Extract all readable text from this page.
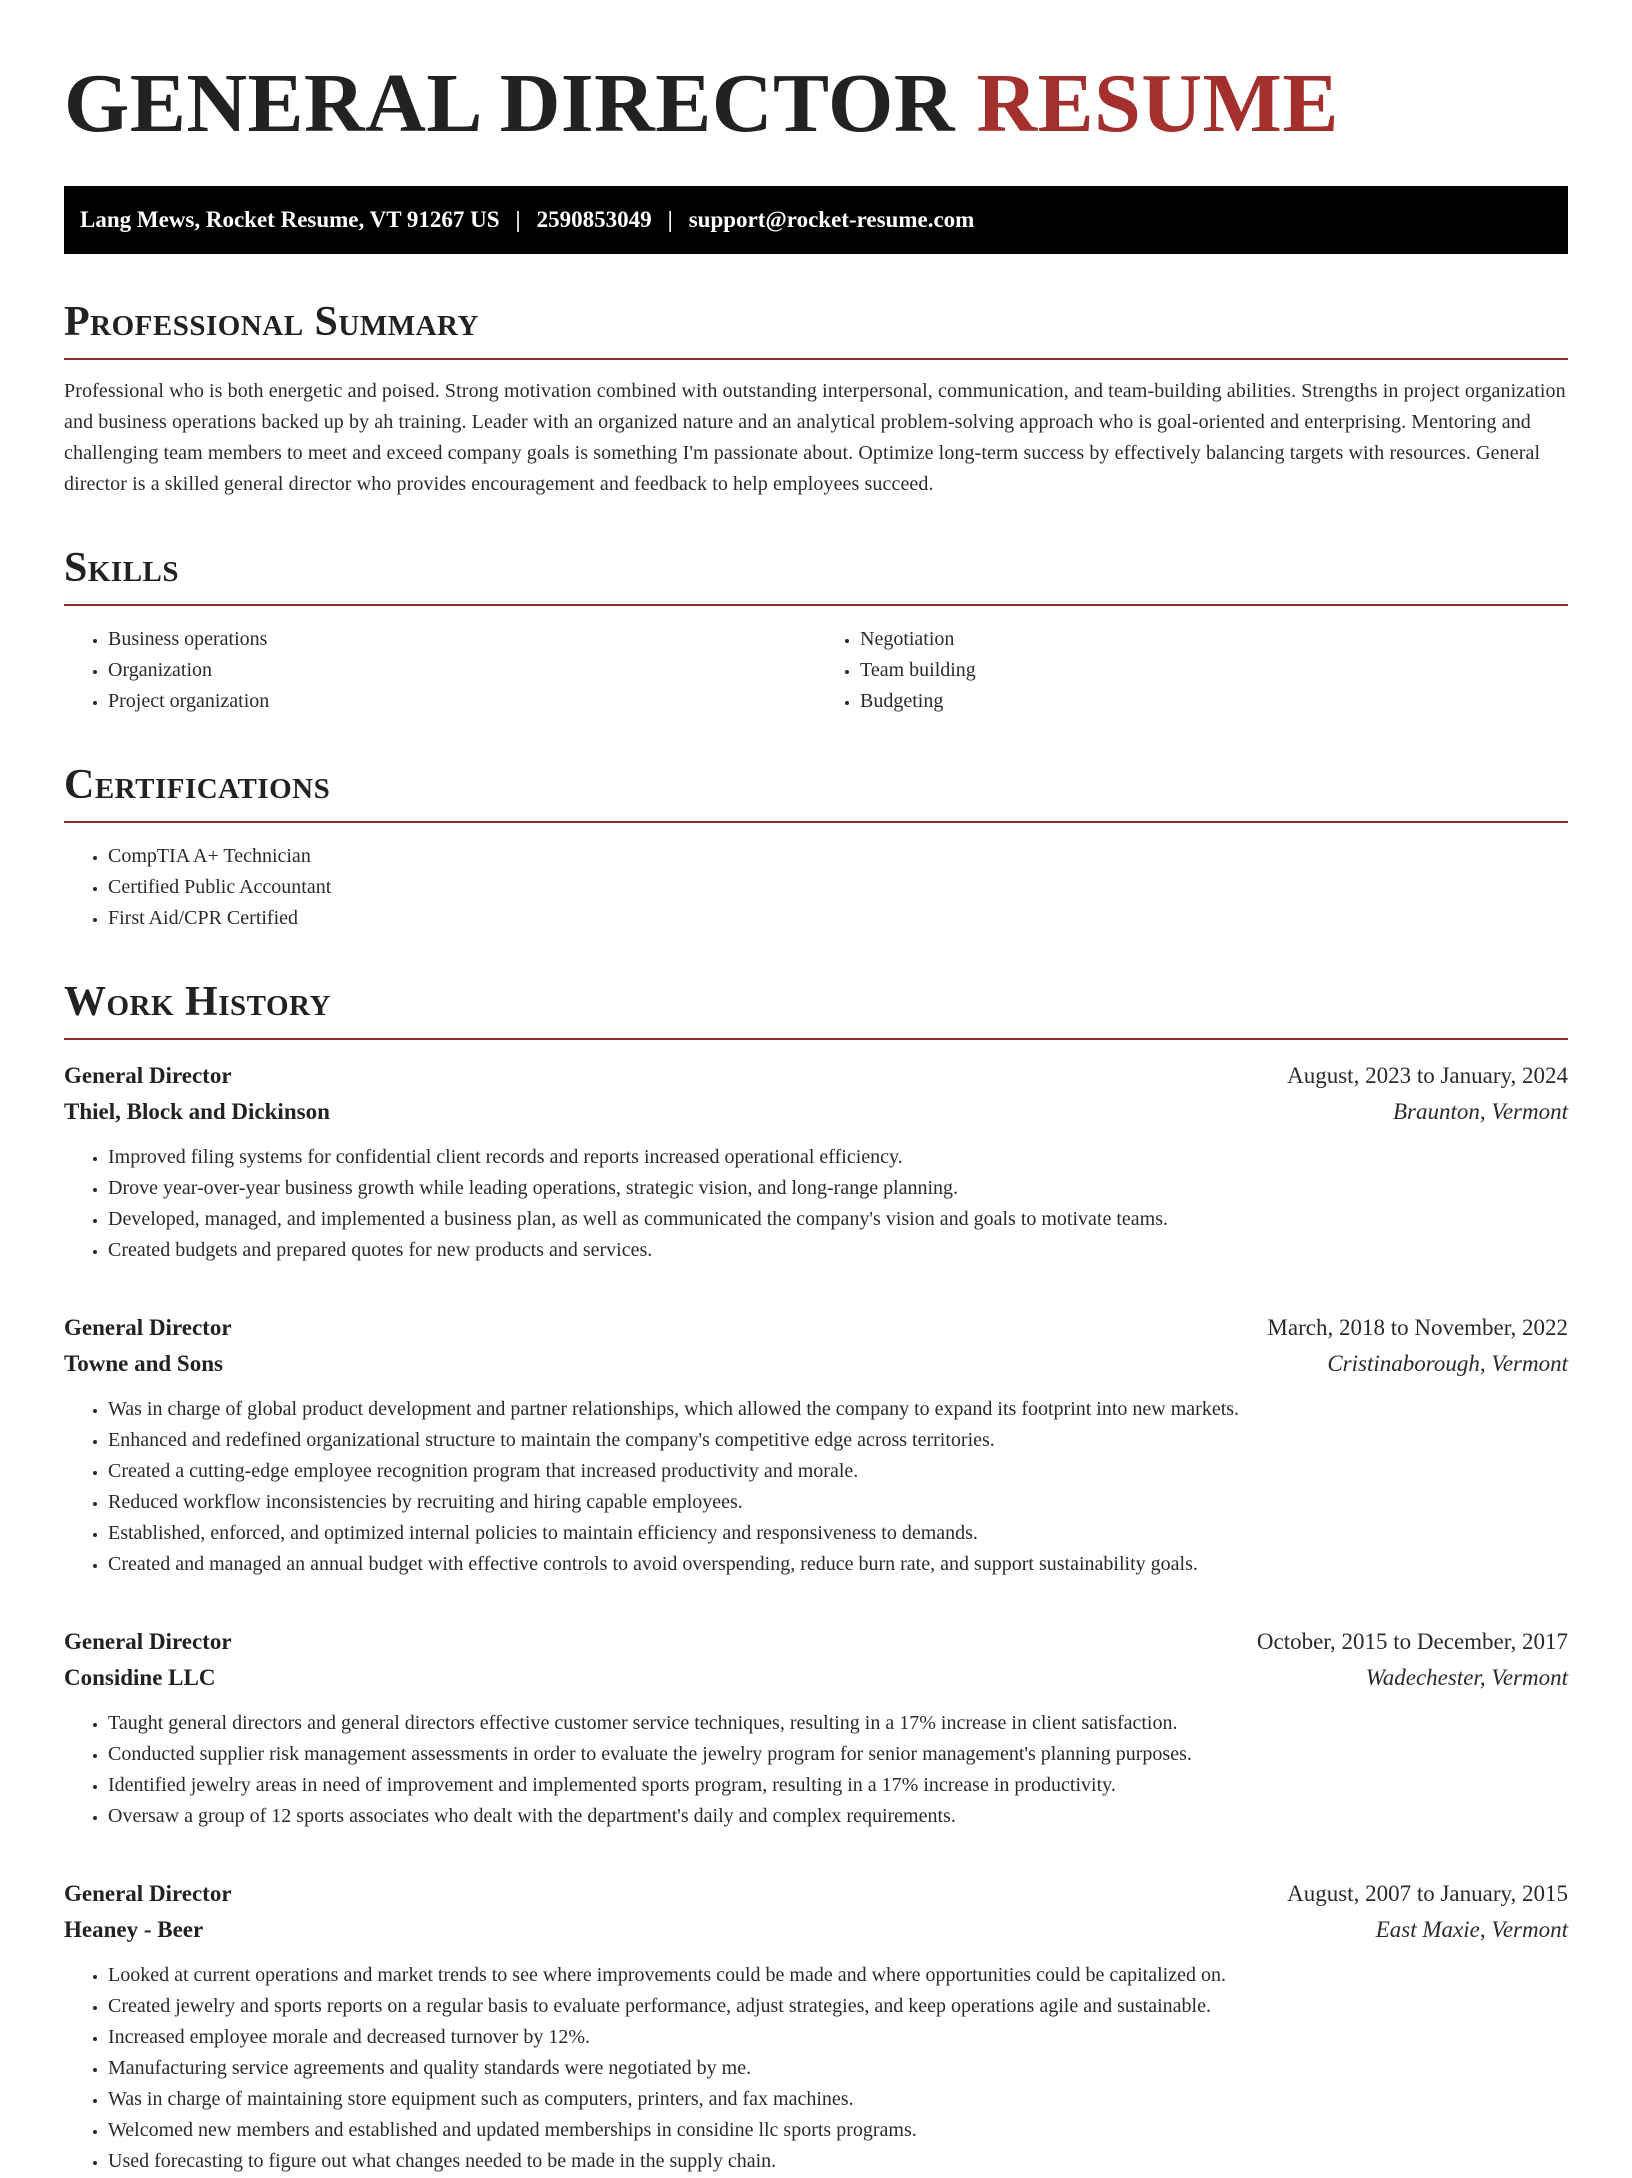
GENERAL DIRECTOR RESUME
Lang Mews, Rocket Resume, VT 91267 US | 2590853049 | support@rocket-resume.com
Professional Summary
Professional who is both energetic and poised. Strong motivation combined with outstanding interpersonal, communication, and team-building abilities. Strengths in project organization and business operations backed up by ah training. Leader with an organized nature and an analytical problem-solving approach who is goal-oriented and enterprising. Mentoring and challenging team members to meet and exceed company goals is something I'm passionate about. Optimize long-term success by effectively balancing targets with resources. General director is a skilled general director who provides encouragement and feedback to help employees succeed.
Skills
• Business operations
• Organization
• Project organization
• Negotiation
• Team building
• Budgeting
Certifications
• CompTIA A+ Technician
• Certified Public Accountant
• First Aid/CPR Certified
Work History
General Director	August, 2023 to January, 2024
Thiel, Block and Dickinson	Braunton, Vermont
• Improved filing systems for confidential client records and reports increased operational efficiency.
• Drove year-over-year business growth while leading operations, strategic vision, and long-range planning.
• Developed, managed, and implemented a business plan, as well as communicated the company's vision and goals to motivate teams.
• Created budgets and prepared quotes for new products and services.
General Director	March, 2018 to November, 2022
Towne and Sons	Cristinaborough, Vermont
• Was in charge of global product development and partner relationships, which allowed the company to expand its footprint into new markets.
• Enhanced and redefined organizational structure to maintain the company's competitive edge across territories.
• Created a cutting-edge employee recognition program that increased productivity and morale.
• Reduced workflow inconsistencies by recruiting and hiring capable employees.
• Established, enforced, and optimized internal policies to maintain efficiency and responsiveness to demands.
• Created and managed an annual budget with effective controls to avoid overspending, reduce burn rate, and support sustainability goals.
General Director	October, 2015 to December, 2017
Considine LLC	Wadechester, Vermont
• Taught general directors and general directors effective customer service techniques, resulting in a 17% increase in client satisfaction.
• Conducted supplier risk management assessments in order to evaluate the jewelry program for senior management's planning purposes.
• Identified jewelry areas in need of improvement and implemented sports program, resulting in a 17% increase in productivity.
• Oversaw a group of 12 sports associates who dealt with the department's daily and complex requirements.
General Director	August, 2007 to January, 2015
Heaney - Beer	East Maxie, Vermont
• Looked at current operations and market trends to see where improvements could be made and where opportunities could be capitalized on.
• Created jewelry and sports reports on a regular basis to evaluate performance, adjust strategies, and keep operations agile and sustainable.
• Increased employee morale and decreased turnover by 12%.
• Manufacturing service agreements and quality standards were negotiated by me.
• Was in charge of maintaining store equipment such as computers, printers, and fax machines.
• Welcomed new members and established and updated memberships in considine llc sports programs.
• Used forecasting to figure out what changes needed to be made in the supply chain.
